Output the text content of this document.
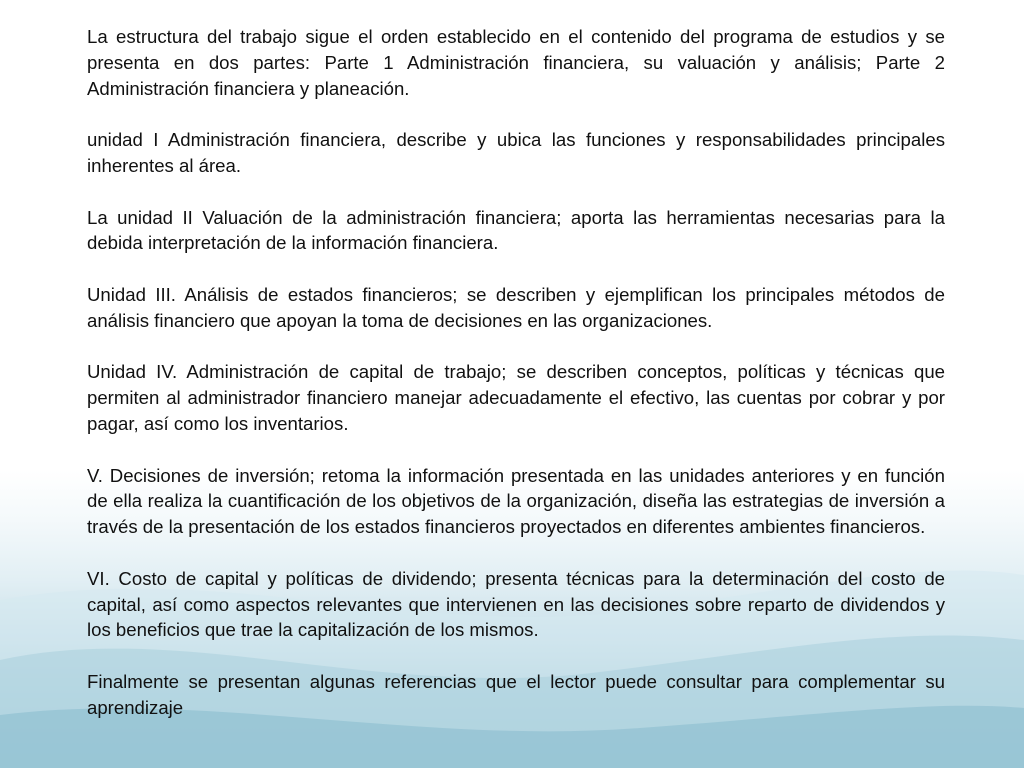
La estructura del trabajo sigue el orden establecido en el contenido del programa de estudios y se presenta en dos partes: Parte 1 Administración financiera, su valuación y análisis; Parte 2 Administración financiera y planeación.

unidad I Administración financiera, describe y ubica las funciones y responsabilidades principales inherentes al área.

La unidad II Valuación de la administración financiera; aporta las herramientas necesarias para la debida interpretación de la información financiera.

Unidad III. Análisis de estados financieros; se describen y ejemplifican los principales métodos de análisis financiero que apoyan la toma de decisiones en las organizaciones.

Unidad IV. Administración de capital de trabajo; se describen conceptos, políticas y técnicas que permiten al administrador financiero manejar adecuadamente el efectivo, las cuentas por cobrar y por pagar, así como los inventarios.

V. Decisiones de inversión; retoma la información presentada en las unidades anteriores y en función de ella realiza la cuantificación de los objetivos de la organización, diseña las estrategias de inversión a través de la presentación de los estados financieros proyectados en diferentes ambientes financieros.

VI. Costo de capital y políticas de dividendo; presenta técnicas para la determinación del costo de capital, así como aspectos relevantes que intervienen en las decisiones sobre reparto de dividendos y los beneficios que trae la capitalización de los mismos.

Finalmente se presentan algunas referencias que el lector puede consultar para complementar su aprendizaje
